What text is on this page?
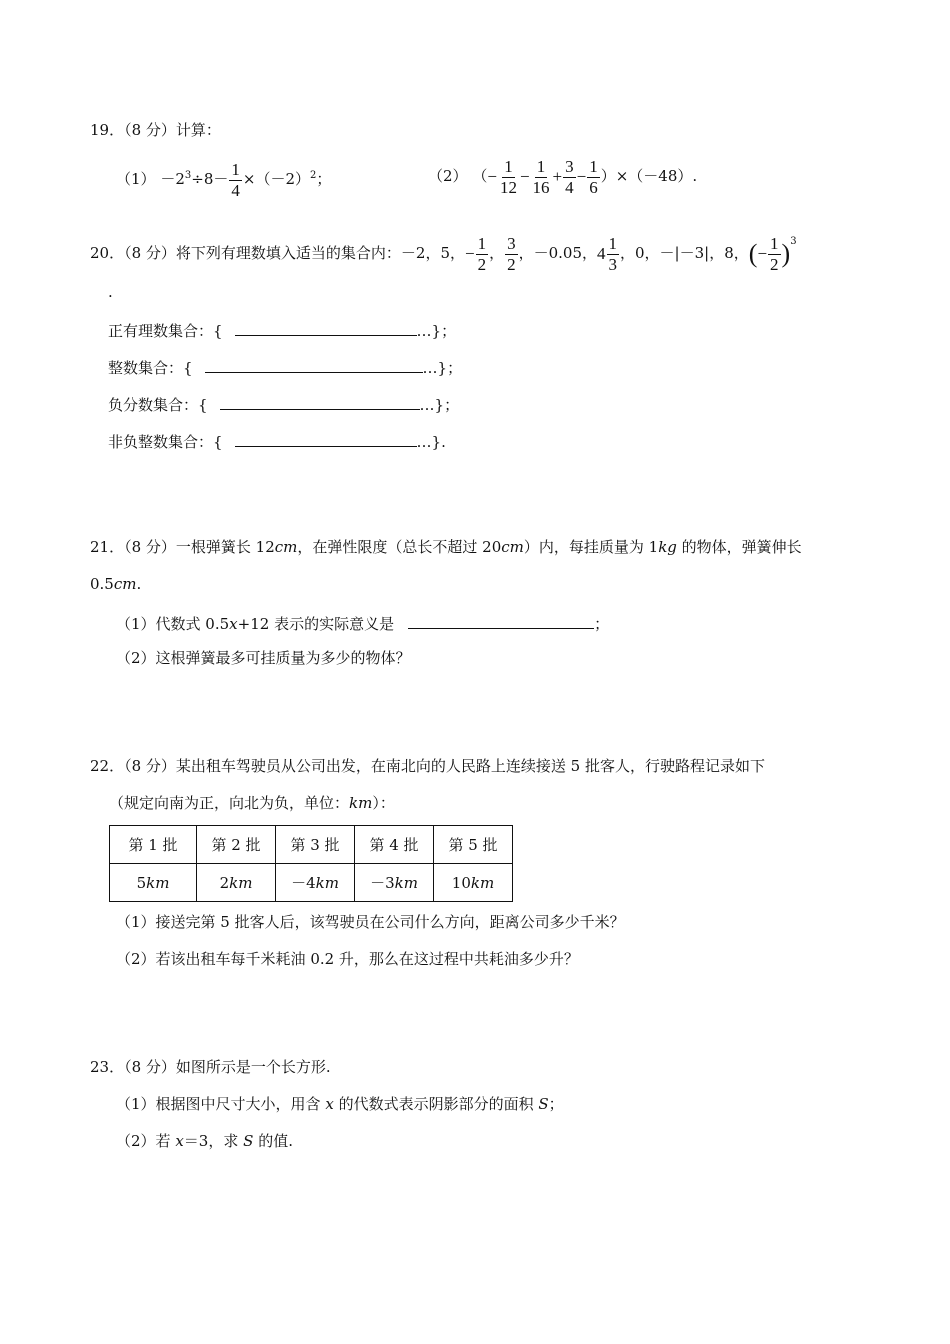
19．（8 分）计算：
$(1) -2^3\div 8- \frac{1}{4} \times(-2)^2$；	（2） （− $\frac{1}{12} - \frac{1}{16} + \frac{3}{4} - \frac{1}{6} )\times(-48)$.
20．（8 分）将下列有理数填入适当的集合内：－2，5，− $\frac{1}{2}$ ， $\frac{3}{2}$ ，－0.05，$4 \frac{1}{3}$ ，0，－|－3|，8，(− $\frac{1}{2} )^3$
.
正有理数集合：{	…}；
整数集合：{	…}；
负分数集合：{	…}；
非负整数集合：{	…}.
21．（8 分）一根弹簧长 12cm，在弹性限度（总长不超过 20cm）内，每挂质量为 1kg 的物体，弹簧伸长
0.5cm.
（1）代数式 0.5x+12 表示的实际意义是	；
（2）这根弹簧最多可挂质量为多少的物体？
22．（8 分）某出租车驾驶员从公司出发，在南北向的人民路上连续接送 5 批客人，行驶路程记录如下
（规定向南为正，向北为负，单位：km）：
第 1 批	第 2 批	第 3 批	第 4 批	第 5 批
5km	2km	－4km	－3km	10km
（1）接送完第 5 批客人后，该驾驶员在公司什么方向，距离公司多少千米？
（2）若该出租车每千米耗油 0.2 升，那么在这过程中共耗油多少升？
23．（8 分）如图所示是一个长方形.
（1）根据图中尺寸大小，用含 x 的代数式表示阴影部分的面积 S；
（2）若 x＝3，求 S 的值.
